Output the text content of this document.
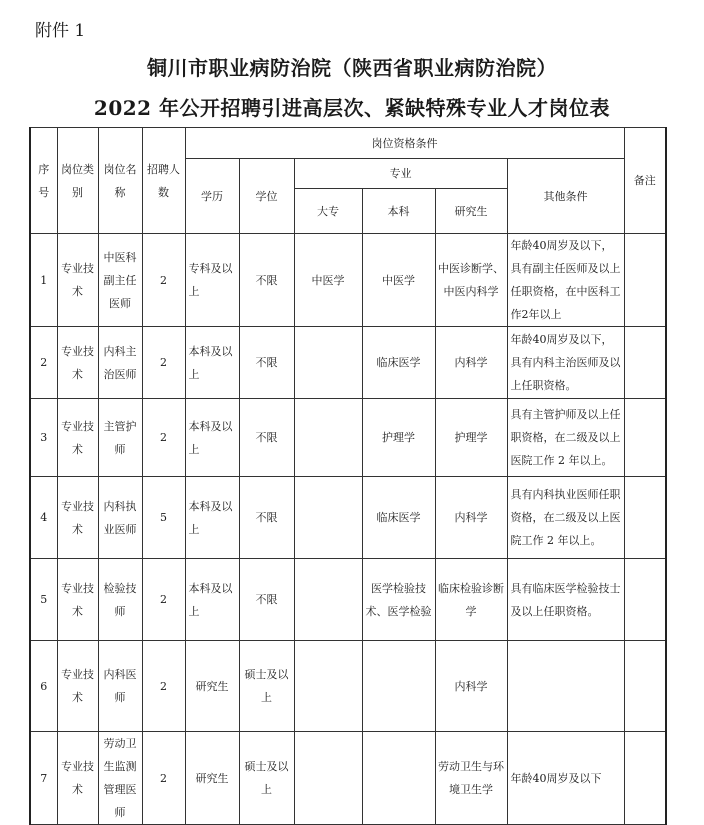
附件 1
铜川市职业病防治院（陕西省职业病防治院）
2022 年公开招聘引进高层次、紧缺特殊专业人才岗位表
序号	岗位类别	岗位名称	招聘人数	岗位资格条件						备注
				学历	学位	专业			其他条件	
						大专	本科	研究生		
1	专业技术	中医科副主任医师	2	专科及以上	不限	中医学	中医学	中医诊断学、中医内科学	年龄40周岁及以下，具有副主任医师及以上任职资格，在中医科工作2年以上	
2	专业技术	内科主治医师	2	本科及以上	不限		临床医学	内科学	年龄40周岁及以下，具有内科主治医师及以上任职资格。	
3	专业技术	主管护师	2	本科及以上	不限		护理学	护理学	具有主管护师及以上任职资格，在二级及以上医院工作 2 年以上。	
4	专业技术	内科执业医师	5	本科及以上	不限		临床医学	内科学	具有内科执业医师任职资格，在二级及以上医院工作 2 年以上。	
5	专业技术	检验技师	2	本科及以上	不限		医学检验技术、医学检验	临床检验诊断学	具有临床医学检验技士及以上任职资格。	
6	专业技术	内科医师	2	研究生	硕士及以上			内科学		
7	专业技术	劳动卫生监测管理医师	2	研究生	硕士及以上			劳动卫生与环境卫生学	年龄40周岁及以下	
